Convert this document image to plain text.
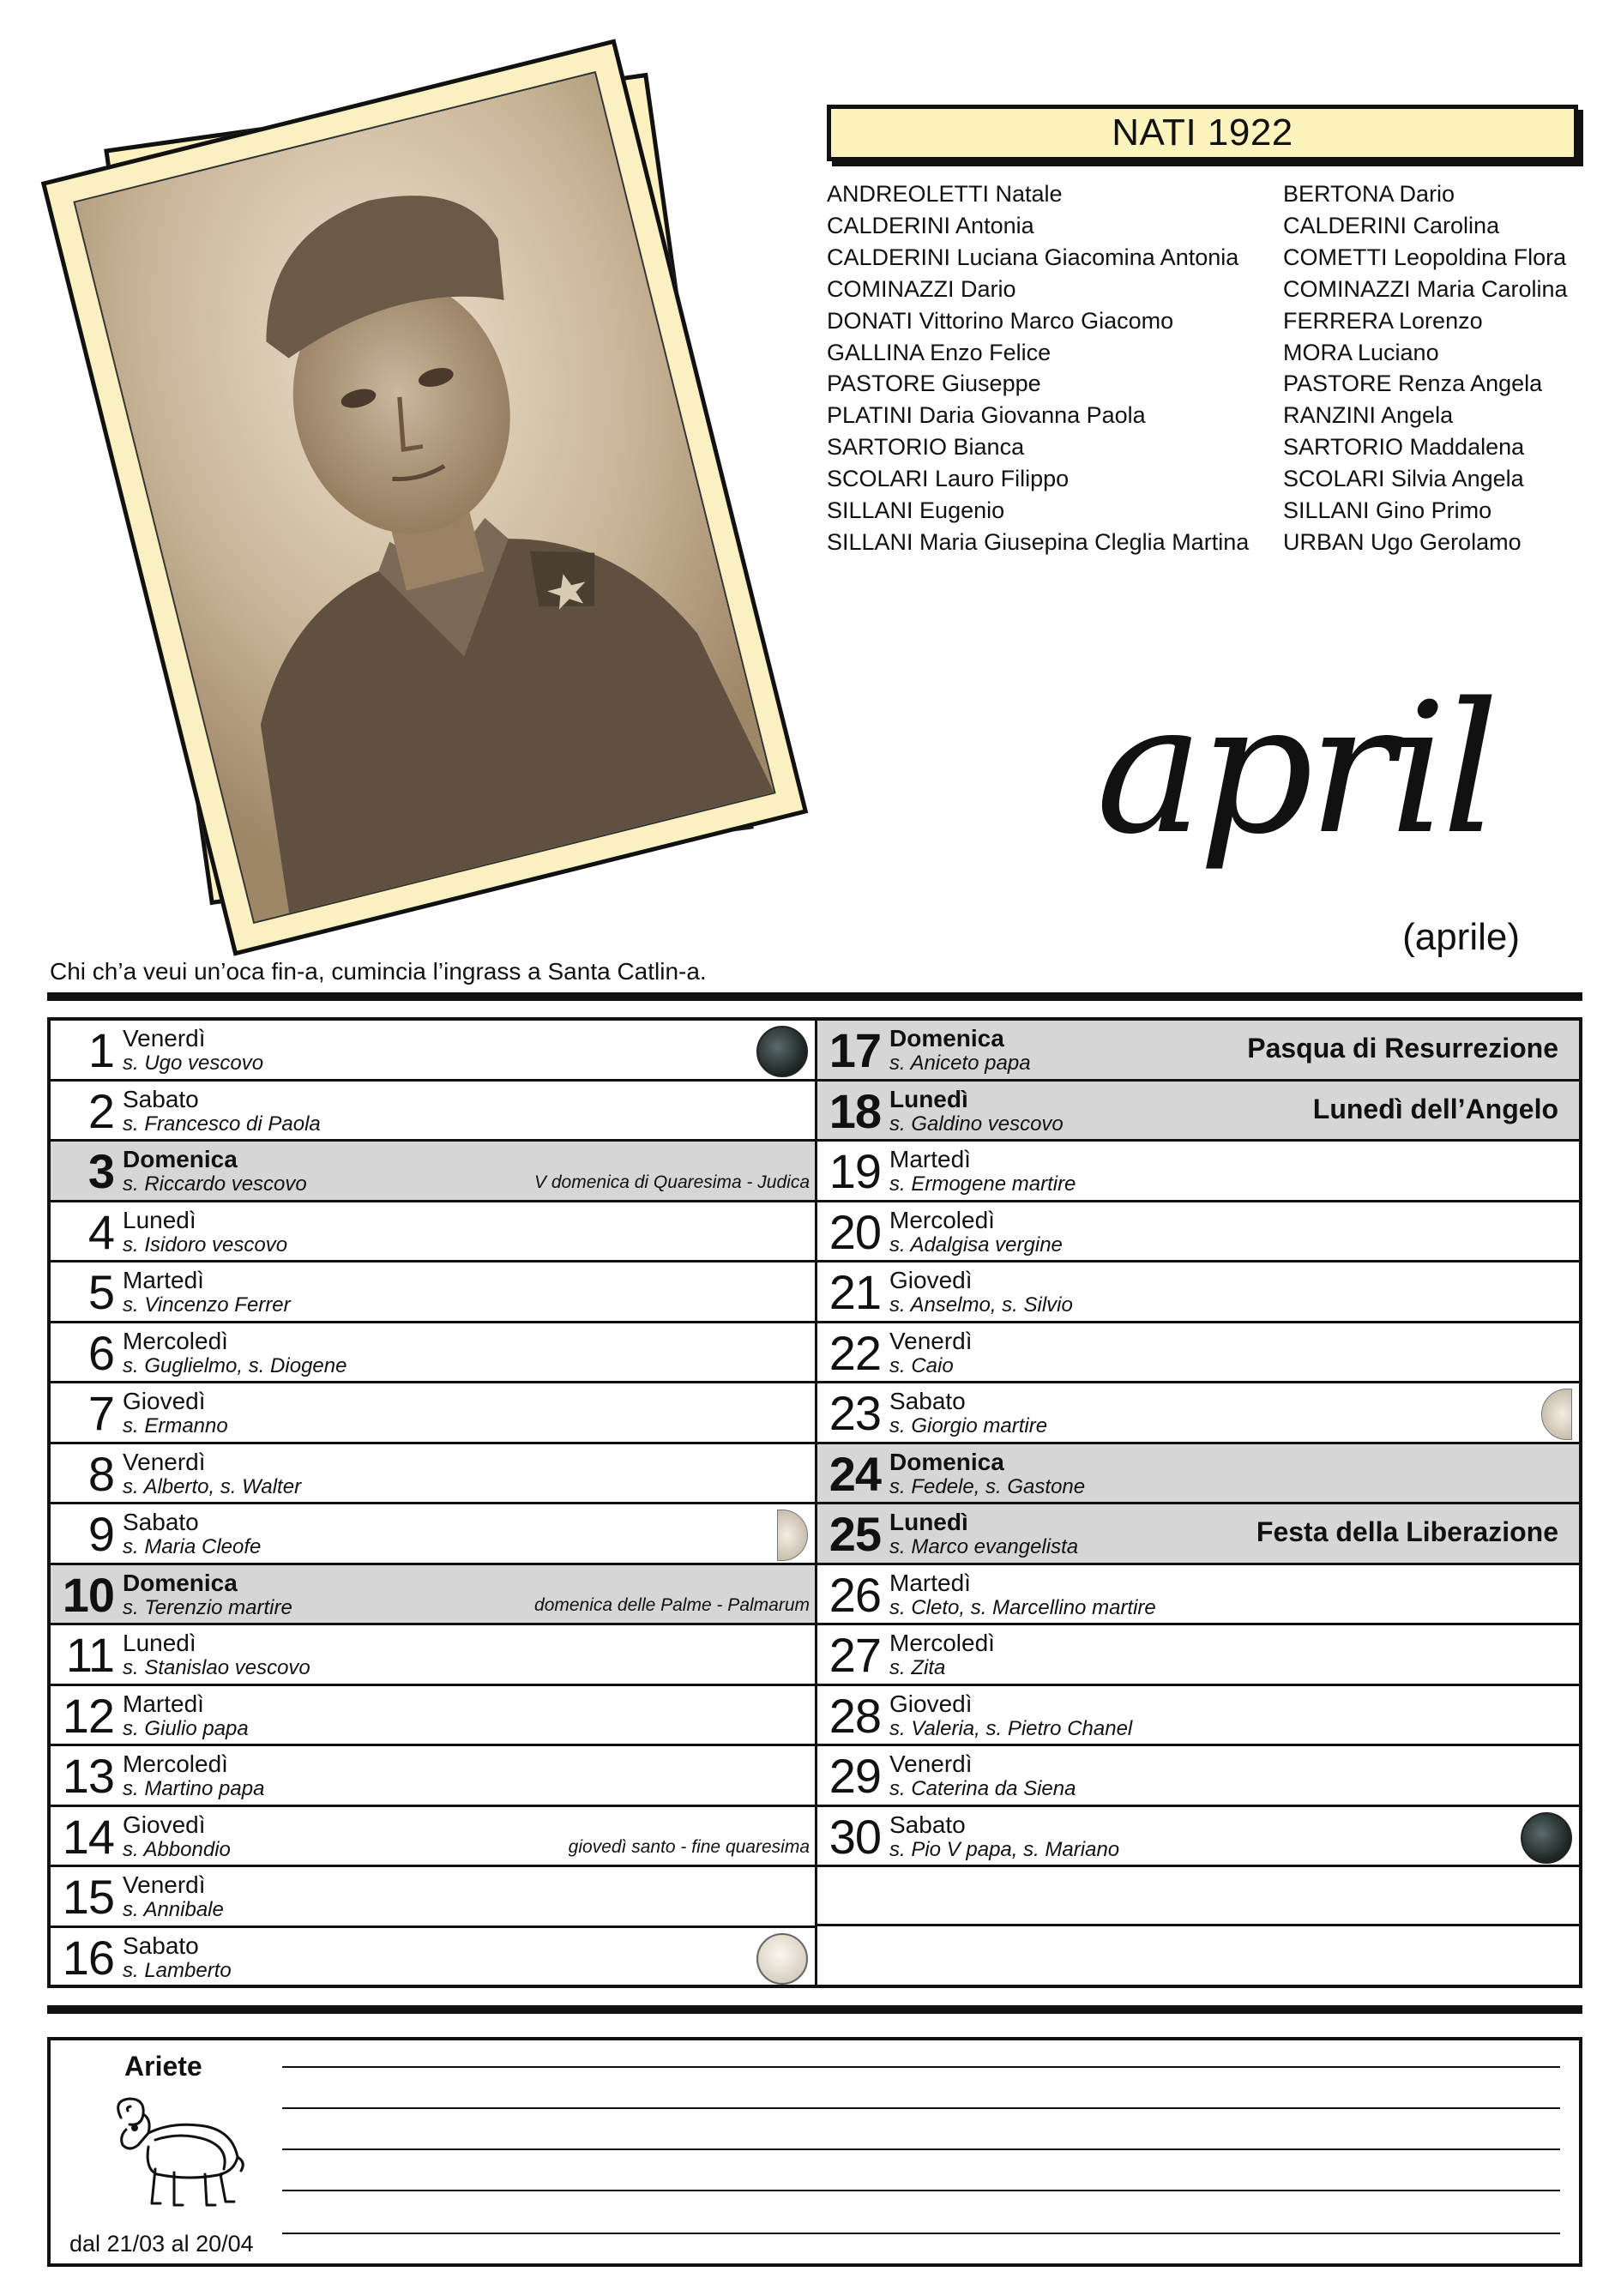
NATI 1922
ANDREOLETTI Natale
CALDERINI Antonia
CALDERINI Luciana Giacomina Antonia
COMINAZZI Dario
DONATI Vittorino Marco Giacomo
GALLINA Enzo Felice
PASTORE Giuseppe
PLATINI Daria Giovanna Paola
SARTORIO Bianca
SCOLARI Lauro Filippo
SILLANI Eugenio
SILLANI Maria Giusepina Cleglia Martina
BERTONA Dario
CALDERINI Carolina
COMETTI Leopoldina Flora
COMINAZZI Maria Carolina
FERRERA Lorenzo
MORA Luciano
PASTORE Renza Angela
RANZINI Angela
SARTORIO Maddalena
SCOLARI Silvia Angela
SILLANI Gino Primo
URBAN Ugo Gerolamo
april
(aprile)
Chi ch’a veui un’oca fin-a, cumincia l’ingrass a Santa Catlin-a.
1 Venerdì
s. Ugo vescovo
2 Sabato
s. Francesco di Paola
3 Domenica
s. Riccardo vescovo	V domenica di Quaresima - Judica
4 Lunedì
s. Isidoro vescovo
5 Martedì
s. Vincenzo Ferrer
6 Mercoledì
s. Guglielmo, s. Diogene
7 Giovedì
s. Ermanno
8 Venerdì
s. Alberto, s. Walter
9 Sabato
s. Maria Cleofe
10 Domenica
s. Terenzio martire	domenica delle Palme - Palmarum
11 Lunedì
s. Stanislao vescovo
12 Martedì
s. Giulio papa
13 Mercoledì
s. Martino papa
14 Giovedì
s. Abbondio	giovedì santo - fine quaresima
15 Venerdì
s. Annibale
16 Sabato
s. Lamberto
17 Domenica
s. Aniceto papa	Pasqua di Resurrezione
18 Lunedì
s. Galdino vescovo	Lunedì dell’Angelo
19 Martedì
s. Ermogene martire
20 Mercoledì
s. Adalgisa vergine
21 Giovedì
s. Anselmo, s. Silvio
22 Venerdì
s. Caio
23 Sabato
s. Giorgio martire
24 Domenica
s. Fedele, s. Gastone
25 Lunedì
s. Marco evangelista	Festa della Liberazione
26 Martedì
s. Cleto, s. Marcellino martire
27 Mercoledì
s. Zita
28 Giovedì
s. Valeria, s. Pietro Chanel
29 Venerdì
s. Caterina da Siena
30 Sabato
s. Pio V papa, s. Mariano
Ariete
dal 21/03 al 20/04
